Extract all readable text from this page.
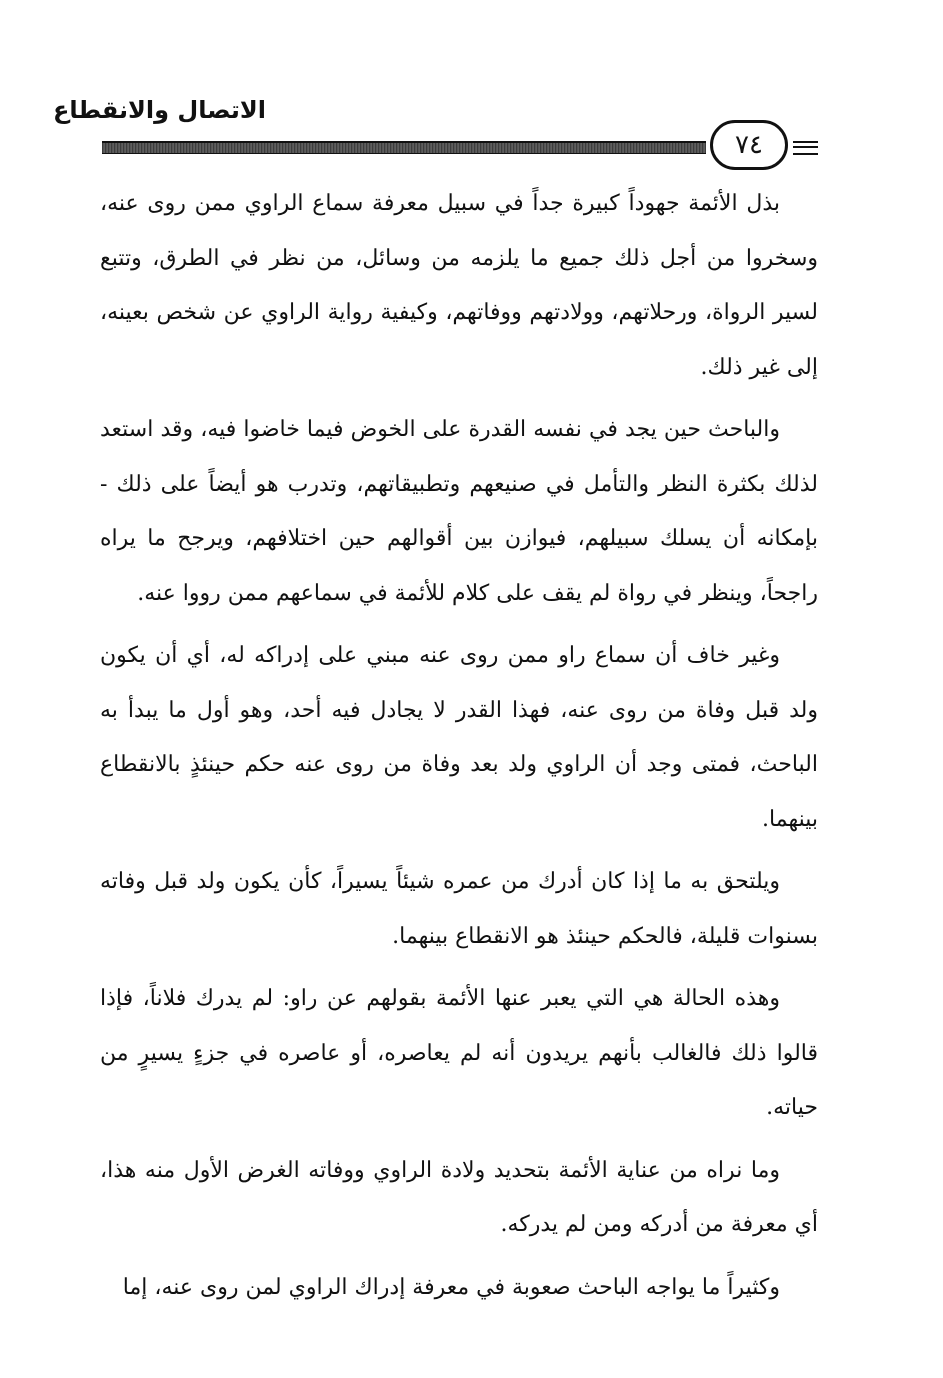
الاتصال والانقطاع
٧٤

بذل الأئمة جهوداً كبيرة جداً في سبيل معرفة سماع الراوي ممن روى عنه، وسخروا من أجل ذلك جميع ما يلزمه من وسائل، من نظر في الطرق، وتتبع لسير الرواة، ورحلاتهم، وولادتهم ووفاتهم، وكيفية رواية الراوي عن شخص بعينه، إلى غير ذلك.

والباحث حين يجد في نفسه القدرة على الخوض فيما خاضوا فيه، وقد استعد لذلك بكثرة النظر والتأمل في صنيعهم وتطبيقاتهم، وتدرب هو أيضاً على ذلك - بإمكانه أن يسلك سبيلهم، فيوازن بين أقوالهم حين اختلافهم، ويرجح ما يراه راجحاً، وينظر في رواة لم يقف على كلام للأئمة في سماعهم ممن رووا عنه.

وغير خاف أن سماع راو ممن روى عنه مبني على إدراكه له، أي أن يكون ولد قبل وفاة من روى عنه، فهذا القدر لا يجادل فيه أحد، وهو أول ما يبدأ به الباحث، فمتى وجد أن الراوي ولد بعد وفاة من روى عنه حكم حينئذٍ بالانقطاع بينهما.

ويلتحق به ما إذا كان أدرك من عمره شيئاً يسيراً، كأن يكون ولد قبل وفاته بسنوات قليلة، فالحكم حينئذ هو الانقطاع بينهما.

وهذه الحالة هي التي يعبر عنها الأئمة بقولهم عن راو: لم يدرك فلاناً، فإذا قالوا ذلك فالغالب بأنهم يريدون أنه لم يعاصره، أو عاصره في جزءٍ يسيرٍ من حياته.

وما نراه من عناية الأئمة بتحديد ولادة الراوي ووفاته الغرض الأول منه هذا، أي معرفة من أدركه ومن لم يدركه.

وكثيراً ما يواجه الباحث صعوبة في معرفة إدراك الراوي لمن روى عنه، إما
